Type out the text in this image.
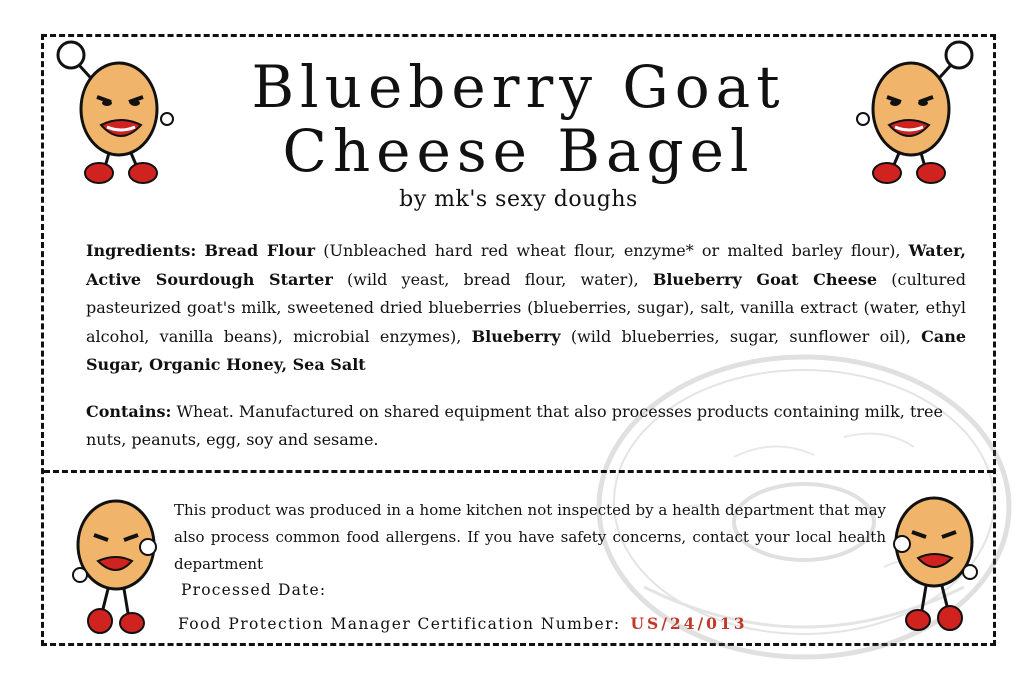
Blueberry Goat
Cheese Bagel
by mk's sexy doughs
Ingredients: Bread Flour (Unbleached hard red wheat flour, enzyme* or malted barley flour), Water, Active Sourdough Starter (wild yeast, bread flour, water), Blueberry Goat Cheese (cultured pasteurized goat's milk, sweetened dried blueberries (blueberries, sugar), salt, vanilla extract (water, ethyl alcohol, vanilla beans), microbial enzymes), Blueberry (wild blueberries, sugar, sunflower oil), Cane Sugar, Organic Honey, Sea Salt
Contains: Wheat. Manufactured on shared equipment that also processes products containing milk, tree nuts, peanuts, egg, soy and sesame.
This product was produced in a home kitchen not inspected by a health department that may also process common food allergens. If you have safety concerns, contact your local health department
Processed Date:
Food Protection Manager Certification Number: US/24/013
